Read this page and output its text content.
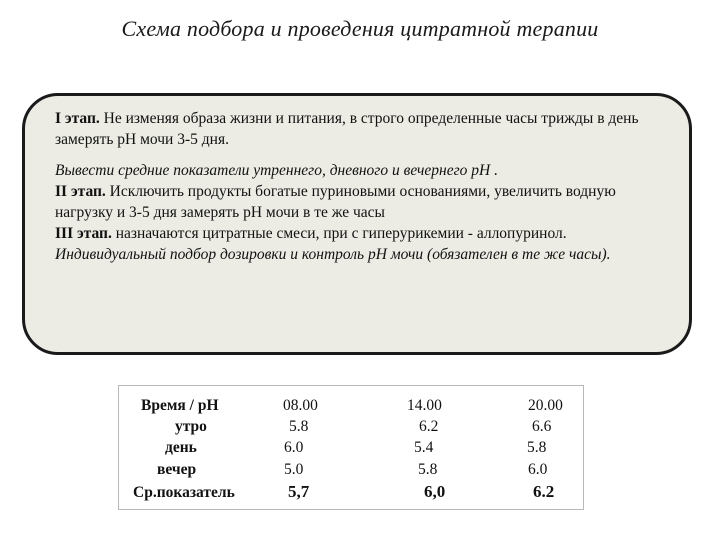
Схема подбора и проведения цитратной терапии

I этап. Не изменяя образа жизни и питания, в строго определенные часы трижды в день замерять рН мочи 3-5 дня.

Вывести средние показатели утреннего, дневного и вечернего рН .

II этап. Исключить продукты богатые пуриновыми основаниями, увеличить водную нагрузку и 3-5 дня замерять рН мочи в те же часы

III этап. назначаются цитратные смеси, при с гиперурикемии - аллопуринол.

Индивидуальный подбор дозировки и контроль рН мочи (обязателен в те же часы).

Время / рН	08.00	14.00	20.00
утро	5.8	6.2	6.6
день	6.0	5.4	5.8
вечер	5.0	5.8	6.0
Ср.показатель	5,7	6,0	6.2
